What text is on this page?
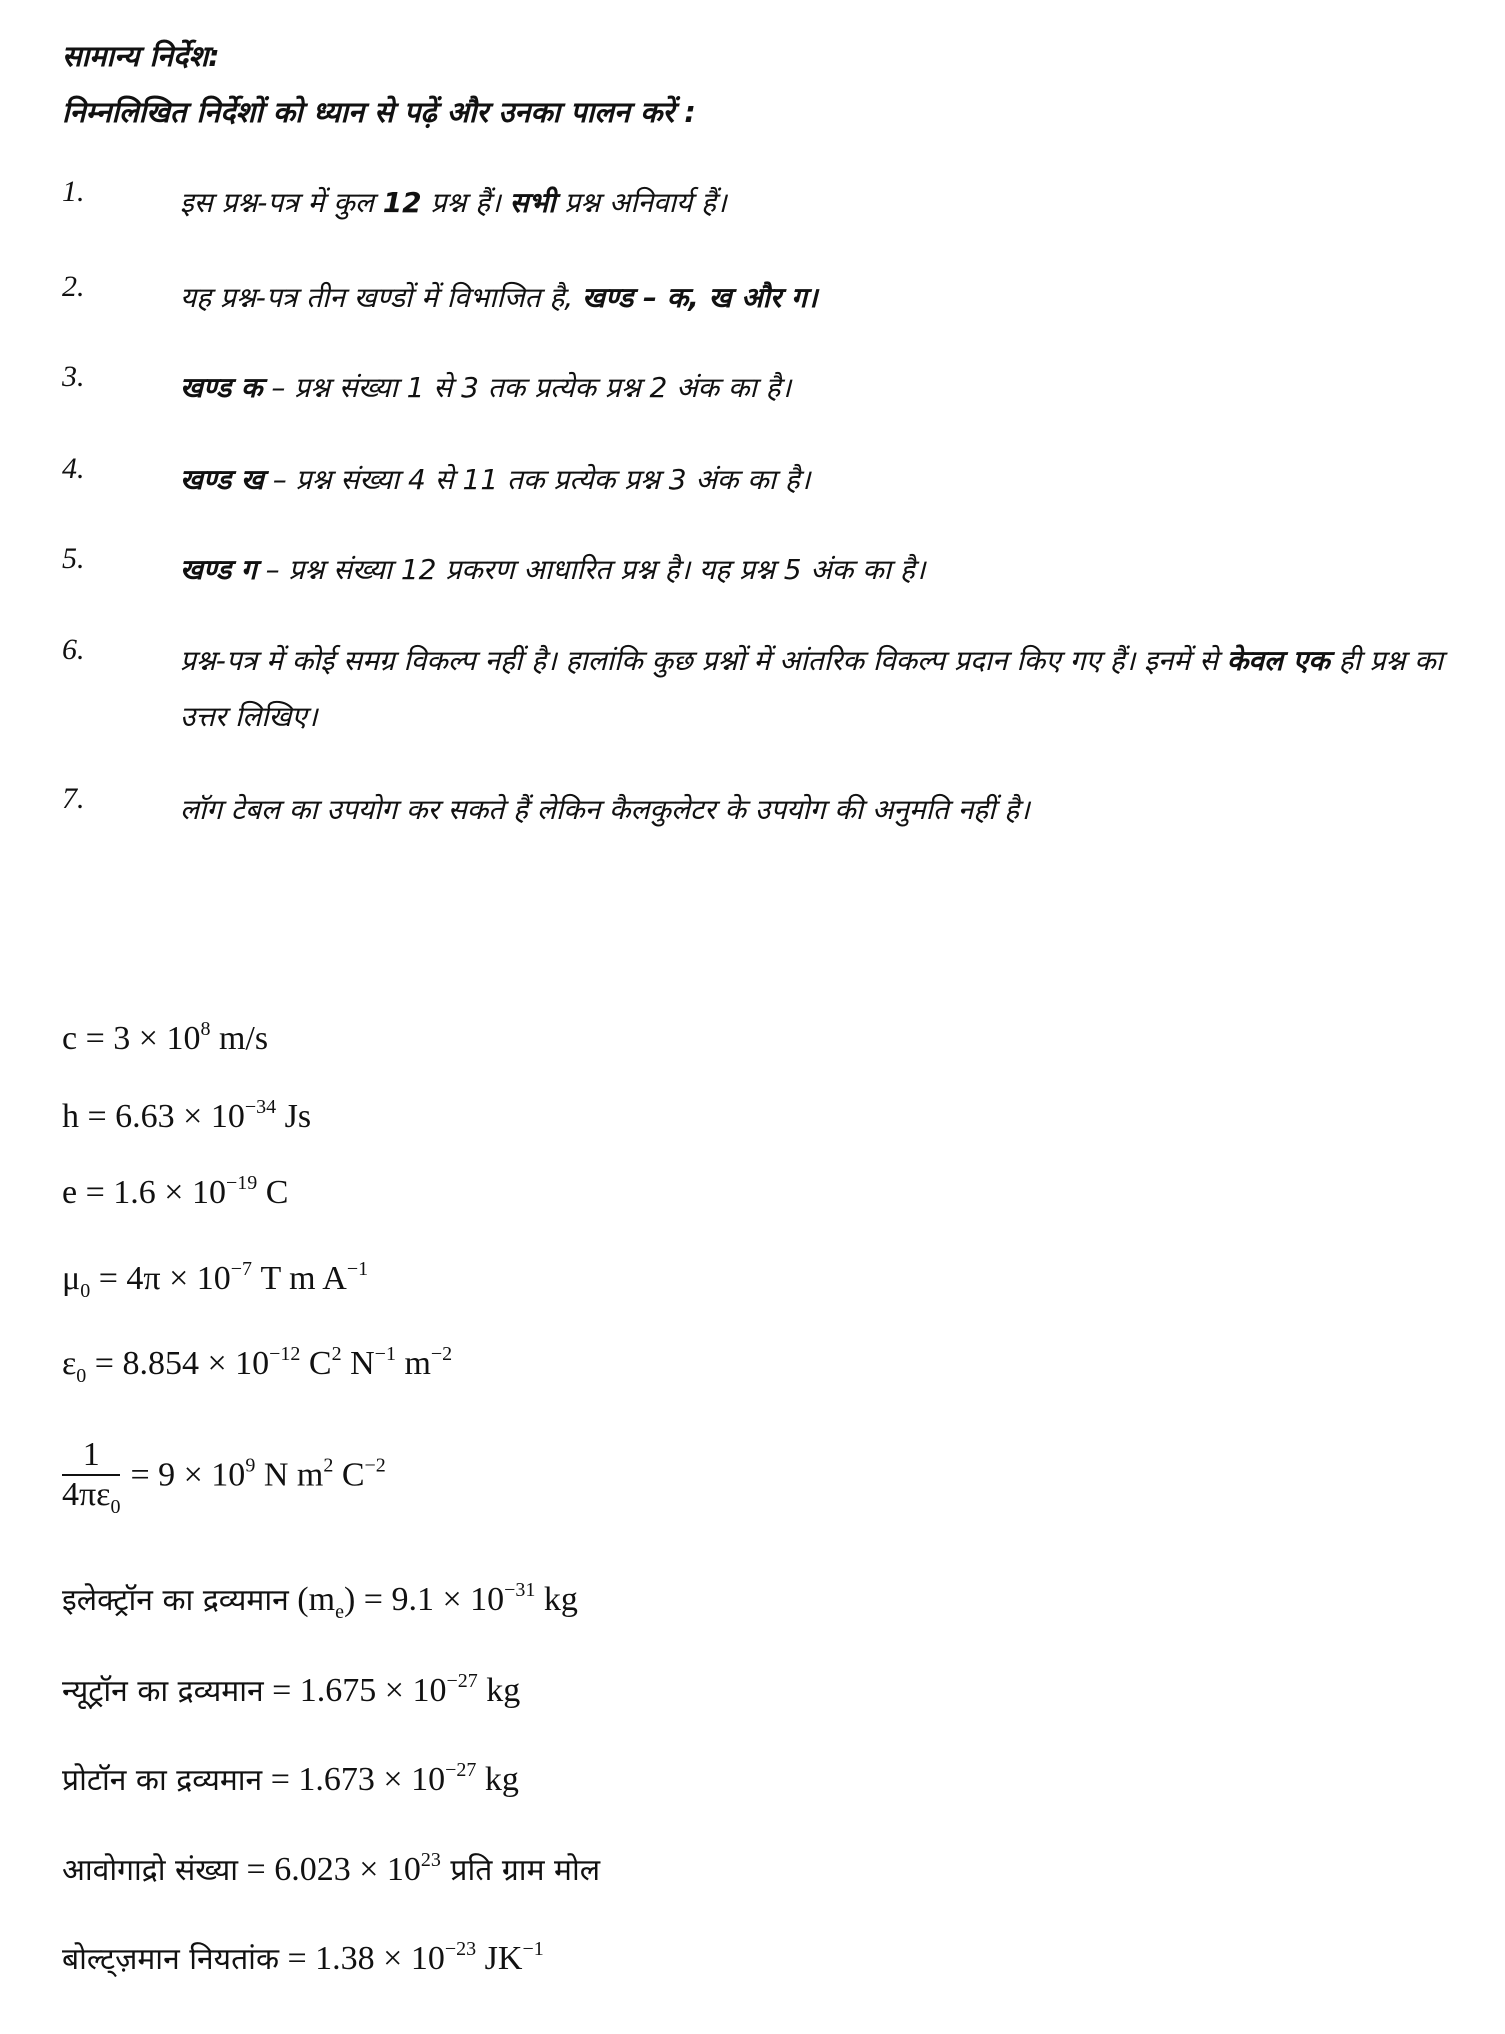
सामान्य निर्देश:
निम्नलिखित निर्देशों को ध्यान से पढ़ें और उनका पालन करें :
1.	इस प्रश्न-पत्र में कुल 12 प्रश्न हैं। सभी प्रश्न अनिवार्य हैं।
2.	यह प्रश्न-पत्र तीन खण्डों में विभाजित है, खण्ड – क, ख और ग।
3.	खण्ड क – प्रश्न संख्या 1 से 3 तक प्रत्येक प्रश्न 2 अंक का है।
4.	खण्ड ख – प्रश्न संख्या 4 से 11 तक प्रत्येक प्रश्न 3 अंक का है।
5.	खण्ड ग – प्रश्न संख्या 12 प्रकरण आधारित प्रश्न है। यह प्रश्न 5 अंक का है।
6.	प्रश्न-पत्र में कोई समग्र विकल्प नहीं है। हालांकि कुछ प्रश्नों में आंतरिक विकल्प प्रदान किए गए हैं। इनमें से केवल एक ही प्रश्न का उत्तर लिखिए।
7.	लॉग टेबल का उपयोग कर सकते हैं लेकिन कैलकुलेटर के उपयोग की अनुमति नहीं है।
$c = 3 \times 10^8$ m/s
$h = 6.63 \times 10^{-34}$ Js
$e = 1.6 \times 10^{-19}$ C
$\mu_0 = 4\pi \times 10^{-7}$ T m $A^{-1}$
$\varepsilon_0 = 8.854 \times 10^{-12}$ $C^2$ $N^{-1}$ $m^{-2}$
$\frac{1}{4\pi\varepsilon_0} = 9 \times 10^9$ N $m^2$ $C^{-2}$
इलेक्ट्रॉन का द्रव्यमान $(m_e) = 9.1 \times 10^{-31}$ kg
न्यूट्रॉन का द्रव्यमान = $1.675 \times 10^{-27}$ kg
प्रोटॉन का द्रव्यमान = $1.673 \times 10^{-27}$ kg
आवोगाद्रो संख्या = $6.023 \times 10^{23}$ प्रति ग्राम मोल
बोल्ट्ज़मान नियतांक = $1.38 \times 10^{-23}$ $JK^{-1}$
